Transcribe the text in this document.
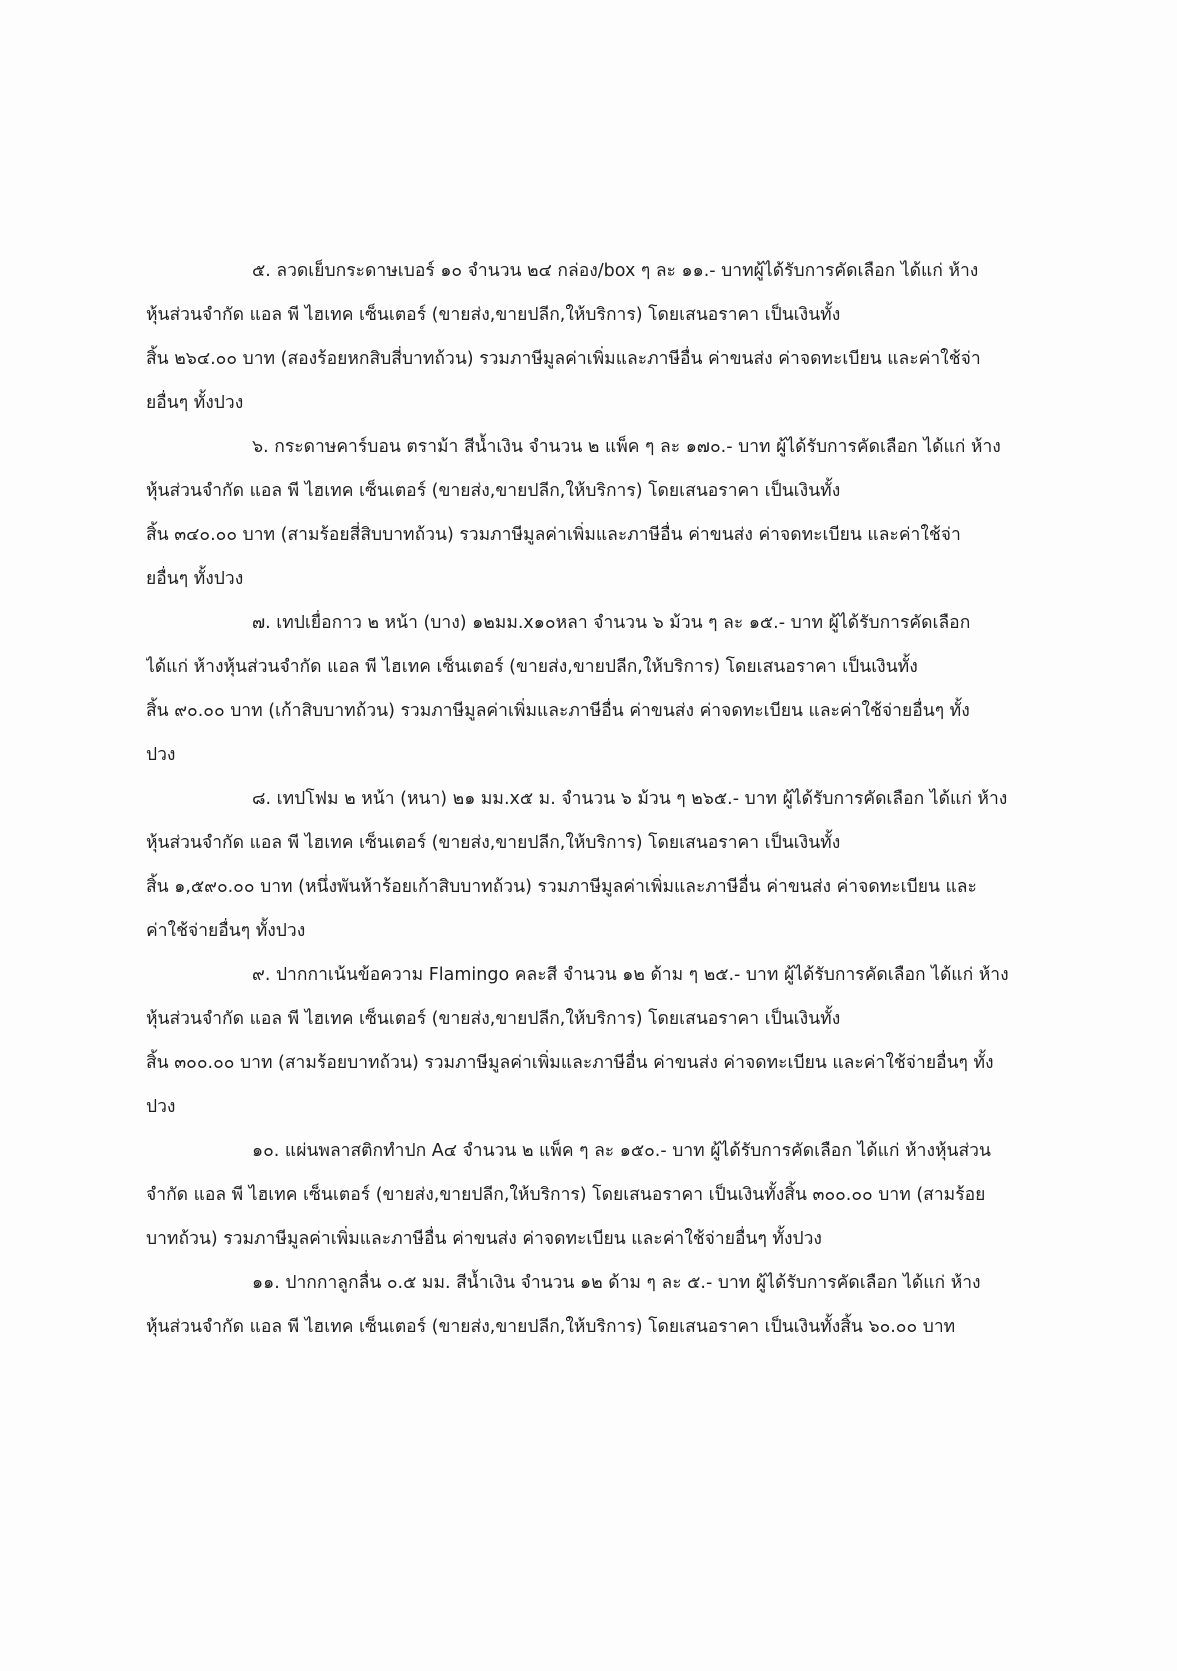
๕. ลวดเย็บกระดาษเบอร์ ๑๐ จำนวน ๒๔ กล่อง/box ๆ ละ ๑๑.- บาทผู้ได้รับการคัดเลือก ได้แก่ ห้าง
หุ้นส่วนจำกัด แอล พี ไฮเทค เซ็นเตอร์ (ขายส่ง,ขายปลีก,ให้บริการ) โดยเสนอราคา เป็นเงินทั้ง
สิ้น ๒๖๔.๐๐ บาท (สองร้อยหกสิบสี่บาทถ้วน) รวมภาษีมูลค่าเพิ่มและภาษีอื่น ค่าขนส่ง ค่าจดทะเบียน และค่าใช้จ่า
ยอื่นๆ ทั้งปวง
๖. กระดาษคาร์บอน ตราม้า สีน้ำเงิน จำนวน ๒ แพ็ค ๆ ละ ๑๗๐.- บาท ผู้ได้รับการคัดเลือก ได้แก่ ห้าง
หุ้นส่วนจำกัด แอล พี ไฮเทค เซ็นเตอร์ (ขายส่ง,ขายปลีก,ให้บริการ) โดยเสนอราคา เป็นเงินทั้ง
สิ้น ๓๔๐.๐๐ บาท (สามร้อยสี่สิบบาทถ้วน) รวมภาษีมูลค่าเพิ่มและภาษีอื่น ค่าขนส่ง ค่าจดทะเบียน และค่าใช้จ่า
ยอื่นๆ ทั้งปวง
๗. เทปเยื่อกาว ๒ หน้า (บาง) ๑๒มม.x๑๐หลา จำนวน ๖ ม้วน ๆ ละ ๑๕.- บาท ผู้ได้รับการคัดเลือก
ได้แก่ ห้างหุ้นส่วนจำกัด แอล พี ไฮเทค เซ็นเตอร์ (ขายส่ง,ขายปลีก,ให้บริการ) โดยเสนอราคา เป็นเงินทั้ง
สิ้น ๙๐.๐๐ บาท (เก้าสิบบาทถ้วน) รวมภาษีมูลค่าเพิ่มและภาษีอื่น ค่าขนส่ง ค่าจดทะเบียน และค่าใช้จ่ายอื่นๆ ทั้ง
ปวง
๘. เทปโฟม ๒ หน้า (หนา) ๒๑ มม.x๕ ม. จำนวน ๖ ม้วน ๆ ๒๖๕.- บาท ผู้ได้รับการคัดเลือก ได้แก่ ห้าง
หุ้นส่วนจำกัด แอล พี ไฮเทค เซ็นเตอร์ (ขายส่ง,ขายปลีก,ให้บริการ) โดยเสนอราคา เป็นเงินทั้ง
สิ้น ๑,๕๙๐.๐๐ บาท (หนึ่งพันห้าร้อยเก้าสิบบาทถ้วน) รวมภาษีมูลค่าเพิ่มและภาษีอื่น ค่าขนส่ง ค่าจดทะเบียน และ
ค่าใช้จ่ายอื่นๆ ทั้งปวง
๙. ปากกาเน้นข้อความ Flamingo คละสี จำนวน ๑๒ ด้าม ๆ ๒๕.- บาท ผู้ได้รับการคัดเลือก ได้แก่ ห้าง
หุ้นส่วนจำกัด แอล พี ไฮเทค เซ็นเตอร์ (ขายส่ง,ขายปลีก,ให้บริการ) โดยเสนอราคา เป็นเงินทั้ง
สิ้น ๓๐๐.๐๐ บาท (สามร้อยบาทถ้วน) รวมภาษีมูลค่าเพิ่มและภาษีอื่น ค่าขนส่ง ค่าจดทะเบียน และค่าใช้จ่ายอื่นๆ ทั้ง
ปวง
๑๐. แผ่นพลาสติกทำปก A๔ จำนวน ๒ แพ็ค ๆ ละ ๑๕๐.- บาท ผู้ได้รับการคัดเลือก ได้แก่ ห้างหุ้นส่วน
จำกัด แอล พี ไฮเทค เซ็นเตอร์ (ขายส่ง,ขายปลีก,ให้บริการ) โดยเสนอราคา เป็นเงินทั้งสิ้น ๓๐๐.๐๐ บาท (สามร้อย
บาทถ้วน) รวมภาษีมูลค่าเพิ่มและภาษีอื่น ค่าขนส่ง ค่าจดทะเบียน และค่าใช้จ่ายอื่นๆ ทั้งปวง
๑๑. ปากกาลูกลื่น ๐.๕ มม. สีน้ำเงิน จำนวน ๑๒ ด้าม ๆ ละ ๕.- บาท ผู้ได้รับการคัดเลือก ได้แก่ ห้าง
หุ้นส่วนจำกัด แอล พี ไฮเทค เซ็นเตอร์ (ขายส่ง,ขายปลีก,ให้บริการ) โดยเสนอราคา เป็นเงินทั้งสิ้น ๖๐.๐๐ บาท
